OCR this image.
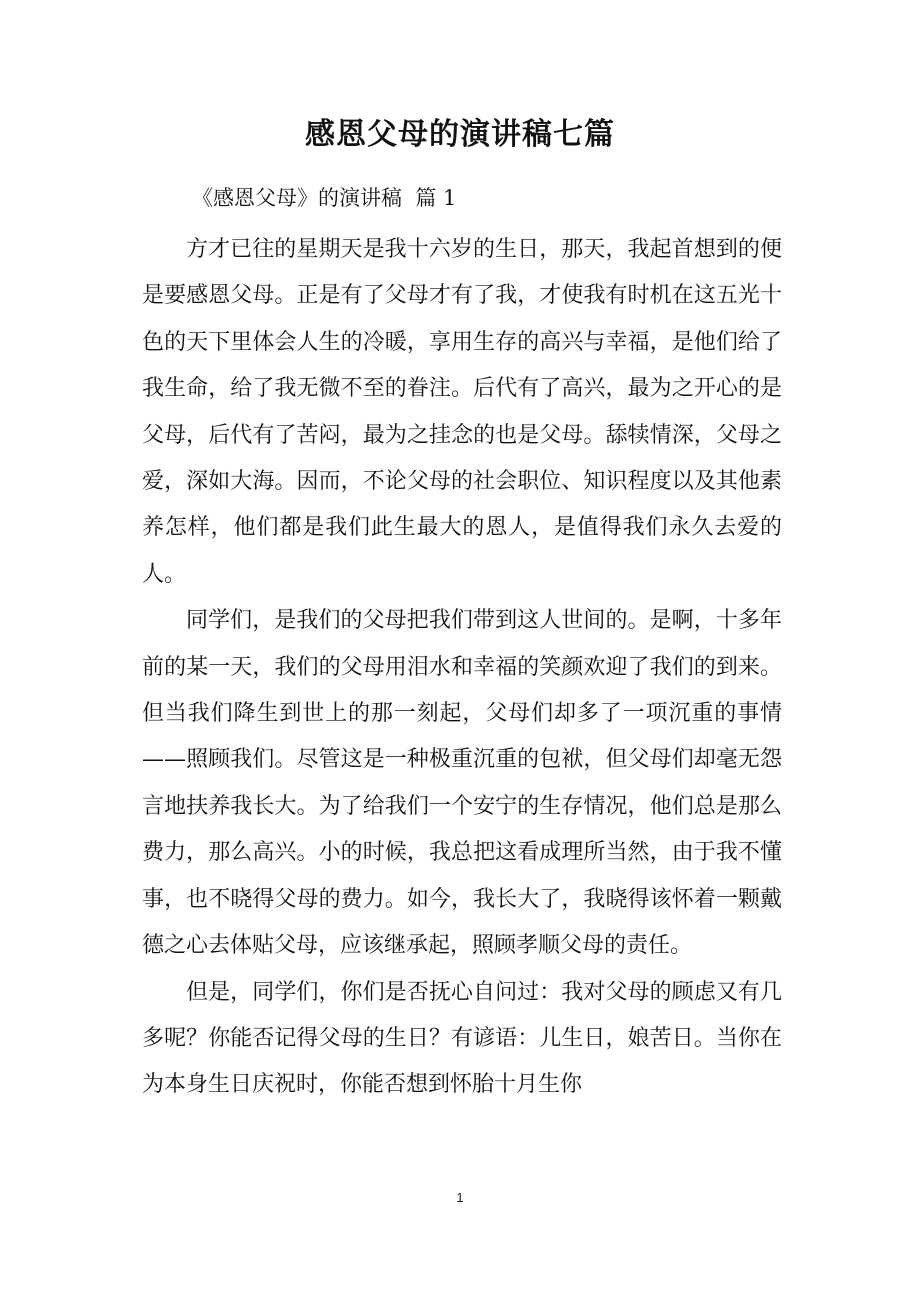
感恩父母的演讲稿七篇
《感恩父母》的演讲稿  篇 1

方才已往的星期天是我十六岁的生日，那天，我起首想到的便是要感恩父母。正是有了父母才有了我，才使我有时机在这五光十色的天下里体会人生的冷暖，享用生存的高兴与幸福，是他们给了我生命，给了我无微不至的眷注。后代有了高兴，最为之开心的是父母，后代有了苦闷，最为之挂念的也是父母。舔犊情深，父母之爱，深如大海。因而，不论父母的社会职位、知识程度以及其他素养怎样，他们都是我们此生最大的恩人，是值得我们永久去爱的人。

同学们，是我们的父母把我们带到这人世间的。是啊，十多年前的某一天，我们的父母用泪水和幸福的笑颜欢迎了我们的到来。但当我们降生到世上的那一刻起，父母们却多了一项沉重的事情——照顾我们。尽管这是一种极重沉重的包袱，但父母们却毫无怨言地扶养我长大。为了给我们一个安宁的生存情况，他们总是那么费力，那么高兴。小的时候，我总把这看成理所当然，由于我不懂事，也不晓得父母的费力。如今，我长大了，我晓得该怀着一颗戴德之心去体贴父母，应该继承起，照顾孝顺父母的责任。

但是，同学们，你们是否抚心自问过：我对父母的顾虑又有几多呢？你能否记得父母的生日？有谚语：儿生日，娘苦日。当你在为本身生日庆祝时，你能否想到怀胎十月生你

1
